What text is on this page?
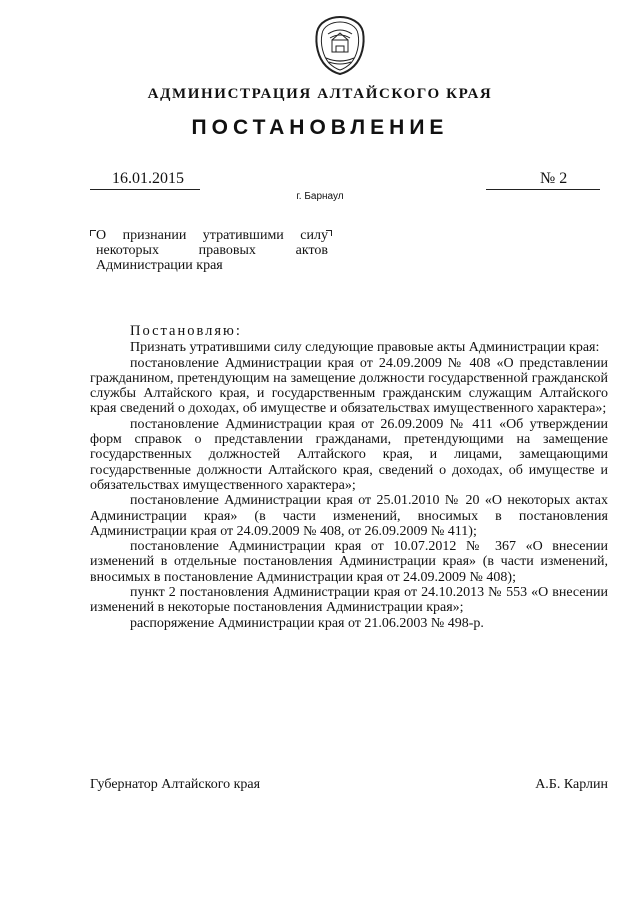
АДМИНИСТРАЦИЯ АЛТАЙСКОГО КРАЯ
ПОСТАНОВЛЕНИЕ
16.01.2015
г. Барнаул
№ 2

О признании утратившими силу некоторых правовых актов Администрации края

Постановляю:

Признать утратившими силу следующие правовые акты Администрации края:

постановление Администрации края от 24.09.2009 № 408 «О представлении гражданином, претендующим на замещение должности государственной гражданской службы Алтайского края, и государственным гражданским служащим Алтайского края сведений о доходах, об имуществе и обязательствах имущественного характера»;

постановление Администрации края от 26.09.2009 № 411 «Об утверждении форм справок о представлении гражданами, претендующими на замещение государственных должностей Алтайского края, и лицами, замещающими государственные должности Алтайского края, сведений о доходах, об имуществе и обязательствах имущественного характера»;

постановление Администрации края от 25.01.2010 № 20 «О некоторых актах Администрации края» (в части изменений, вносимых в постановления Администрации края от 24.09.2009 № 408, от 26.09.2009 № 411);

постановление Администрации края от 10.07.2012 № 367 «О внесении изменений в отдельные постановления Администрации края» (в части изменений, вносимых в постановление Администрации края от 24.09.2009 № 408);

пункт 2 постановления Администрации края от 24.10.2013 № 553 «О внесении изменений в некоторые постановления Администрации края»;

распоряжение Администрации края от 21.06.2003 № 498-р.

Губернатор Алтайского края	А.Б. Карлин
